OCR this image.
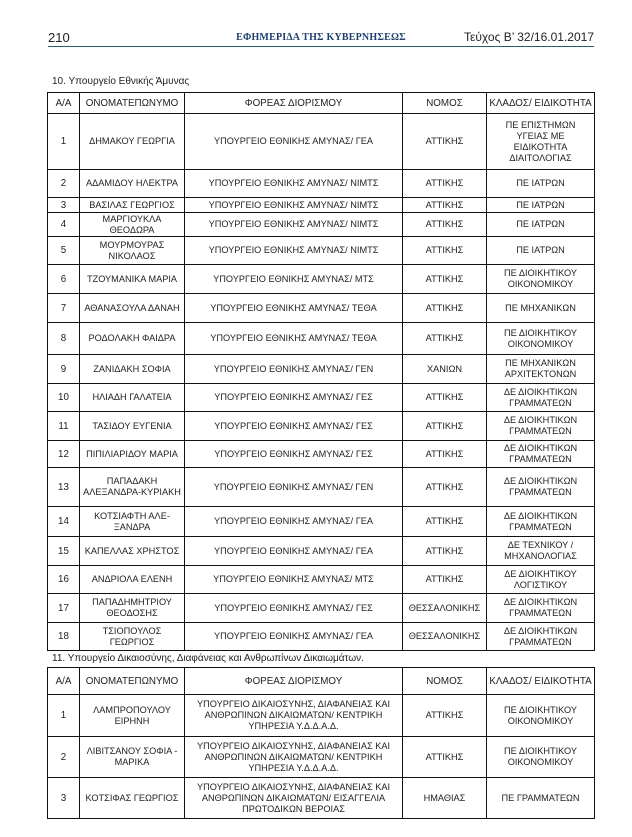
210	ΕΦΗΜΕΡΙΔΑ ΤΗΣ ΚΥΒΕΡΝΗΣΕΩΣ	Τεύχος Β’ 32/16.01.2017
10. Υπουργείο Εθνικής Άμυνας
Α/Α	ΟΝΟΜΑΤΕΠΩΝΥΜΟ	ΦΟΡΕΑΣ ΔΙΟΡΙΣΜΟΥ	ΝΟΜΟΣ	ΚΛΑΔΟΣ/ ΕΙΔΙΚΟΤΗΤΑ
1	ΔΗΜΑΚΟΥ ΓΕΩΡΓΙΑ	ΥΠΟΥΡΓΕΙΟ ΕΘΝΙΚΗΣ ΑΜΥΝΑΣ/ ΓΕΑ	ΑΤΤΙΚΗΣ	ΠΕ ΕΠΙΣΤΗΜΩΝ ΥΓΕΙΑΣ ΜΕ ΕΙΔΙΚΟΤΗΤΑ ΔΙΑΙΤΟΛΟΓΙΑΣ
2	ΑΔΑΜΙΔΟΥ ΗΛΕΚΤΡΑ	ΥΠΟΥΡΓΕΙΟ ΕΘΝΙΚΗΣ ΑΜΥΝΑΣ/ ΝΙΜΤΣ	ΑΤΤΙΚΗΣ	ΠΕ ΙΑΤΡΩΝ
3	ΒΑΣΙΛΑΣ ΓΕΩΡΓΙΟΣ	ΥΠΟΥΡΓΕΙΟ ΕΘΝΙΚΗΣ ΑΜΥΝΑΣ/ ΝΙΜΤΣ	ΑΤΤΙΚΗΣ	ΠΕ ΙΑΤΡΩΝ
4	ΜΑΡΓΙΟΥΚΛΑ ΘΕΟΔΩΡΑ	ΥΠΟΥΡΓΕΙΟ ΕΘΝΙΚΗΣ ΑΜΥΝΑΣ/ ΝΙΜΤΣ	ΑΤΤΙΚΗΣ	ΠΕ ΙΑΤΡΩΝ
5	ΜΟΥΡΜΟΥΡΑΣ ΝΙΚΟΛΑΟΣ	ΥΠΟΥΡΓΕΙΟ ΕΘΝΙΚΗΣ ΑΜΥΝΑΣ/ ΝΙΜΤΣ	ΑΤΤΙΚΗΣ	ΠΕ ΙΑΤΡΩΝ
6	ΤΖΟΥΜΑΝΙΚΑ ΜΑΡΙΑ	ΥΠΟΥΡΓΕΙΟ ΕΘΝΙΚΗΣ ΑΜΥΝΑΣ/ ΜΤΣ	ΑΤΤΙΚΗΣ	ΠΕ ΔΙΟΙΚΗΤΙΚΟΥ ΟΙΚΟΝΟΜΙΚΟΥ
7	ΑΘΑΝΑΣΟΥΛΑ ΔΑΝΑΗ	ΥΠΟΥΡΓΕΙΟ ΕΘΝΙΚΗΣ ΑΜΥΝΑΣ/ ΤΕΘΑ	ΑΤΤΙΚΗΣ	ΠΕ ΜΗΧΑΝΙΚΩΝ
8	ΡΟΔΟΛΑΚΗ ΦΑΙΔΡΑ	ΥΠΟΥΡΓΕΙΟ ΕΘΝΙΚΗΣ ΑΜΥΝΑΣ/ ΤΕΘΑ	ΑΤΤΙΚΗΣ	ΠΕ ΔΙΟΙΚΗΤΙΚΟΥ ΟΙΚΟΝΟΜΙΚΟΥ
9	ΖΑΝΙΔΑΚΗ ΣΟΦΙΑ	ΥΠΟΥΡΓΕΙΟ ΕΘΝΙΚΗΣ ΑΜΥΝΑΣ/ ΓΕΝ	ΧΑΝΙΩΝ	ΠΕ ΜΗΧΑΝΙΚΩΝ ΑΡΧΙΤΕΚΤΟΝΩΝ
10	ΗΛΙΑΔΗ ΓΑΛΑΤΕΙΑ	ΥΠΟΥΡΓΕΙΟ ΕΘΝΙΚΗΣ ΑΜΥΝΑΣ/ ΓΕΣ	ΑΤΤΙΚΗΣ	ΔΕ ΔΙΟΙΚΗΤΙΚΩΝ ΓΡΑΜΜΑΤΕΩΝ
11	ΤΑΣΙΔΟΥ ΕΥΓΕΝΙΑ	ΥΠΟΥΡΓΕΙΟ ΕΘΝΙΚΗΣ ΑΜΥΝΑΣ/ ΓΕΣ	ΑΤΤΙΚΗΣ	ΔΕ ΔΙΟΙΚΗΤΙΚΩΝ ΓΡΑΜΜΑΤΕΩΝ
12	ΠΙΠΙΛΙΑΡΙΔΟΥ ΜΑΡΙΑ	ΥΠΟΥΡΓΕΙΟ ΕΘΝΙΚΗΣ ΑΜΥΝΑΣ/ ΓΕΣ	ΑΤΤΙΚΗΣ	ΔΕ ΔΙΟΙΚΗΤΙΚΩΝ ΓΡΑΜΜΑΤΕΩΝ
13	ΠΑΠΑΔΑΚΗ ΑΛΕΞΑΝΔΡΑ-ΚΥΡΙΑΚΗ	ΥΠΟΥΡΓΕΙΟ ΕΘΝΙΚΗΣ ΑΜΥΝΑΣ/ ΓΕΝ	ΑΤΤΙΚΗΣ	ΔΕ ΔΙΟΙΚΗΤΙΚΩΝ ΓΡΑΜΜΑΤΕΩΝ
14	ΚΟΤΣΙΑΦΤΗ ΑΛΕ-ΞΑΝΔΡΑ	ΥΠΟΥΡΓΕΙΟ ΕΘΝΙΚΗΣ ΑΜΥΝΑΣ/ ΓΕΑ	ΑΤΤΙΚΗΣ	ΔΕ ΔΙΟΙΚΗΤΙΚΩΝ ΓΡΑΜΜΑΤΕΩΝ
15	ΚΑΠΕΛΛΑΣ ΧΡΗΣΤΟΣ	ΥΠΟΥΡΓΕΙΟ ΕΘΝΙΚΗΣ ΑΜΥΝΑΣ/ ΓΕΑ	ΑΤΤΙΚΗΣ	ΔΕ ΤΕΧΝΙΚΟΥ / ΜΗΧΑΝΟΛΟΓΙΑΣ
16	ΑΝΔΡΙΟΛΑ ΕΛΕΝΗ	ΥΠΟΥΡΓΕΙΟ ΕΘΝΙΚΗΣ ΑΜΥΝΑΣ/ ΜΤΣ	ΑΤΤΙΚΗΣ	ΔΕ ΔΙΟΙΚΗΤΙΚΟΥ ΛΟΓΙΣΤΙΚΟΥ
17	ΠΑΠΑΔΗΜΗΤΡΙΟΥ ΘΕΟΔΟΣΗΣ	ΥΠΟΥΡΓΕΙΟ ΕΘΝΙΚΗΣ ΑΜΥΝΑΣ/ ΓΕΣ	ΘΕΣΣΑΛΟΝΙΚΗΣ	ΔΕ ΔΙΟΙΚΗΤΙΚΩΝ ΓΡΑΜΜΑΤΕΩΝ
18	ΤΣΙΟΠΟΥΛΟΣ ΓΕΩΡΓΙΟΣ	ΥΠΟΥΡΓΕΙΟ ΕΘΝΙΚΗΣ ΑΜΥΝΑΣ/ ΓΕΑ	ΘΕΣΣΑΛΟΝΙΚΗΣ	ΔΕ ΔΙΟΙΚΗΤΙΚΩΝ ΓΡΑΜΜΑΤΕΩΝ
11. Υπουργείο Δικαιοσύνης, Διαφάνειας και Ανθρωπίνων Δικαιωμάτων.
Α/Α	ΟΝΟΜΑΤΕΠΩΝΥΜΟ	ΦΟΡΕΑΣ ΔΙΟΡΙΣΜΟΥ	ΝΟΜΟΣ	ΚΛΑΔΟΣ/ ΕΙΔΙΚΟΤΗΤΑ
1	ΛΑΜΠΡΟΠΟΥΛΟΥ ΕΙΡΗΝΗ	ΥΠΟΥΡΓΕΙΟ ΔΙΚΑΙΟΣΥΝΗΣ, ΔΙΑΦΑΝΕΙΑΣ ΚΑΙ ΑΝΘΡΩΠΙΝΩΝ ΔΙΚΑΙΩΜΑΤΩΝ/ ΚΕΝΤΡΙΚΗ ΥΠΗΡΕΣΙΑ Υ.Δ.Δ.Α.Δ.	ΑΤΤΙΚΗΣ	ΠΕ ΔΙΟΙΚΗΤΙΚΟΥ ΟΙΚΟΝΟΜΙΚΟΥ
2	ΛΙΒΙΤΣΑΝΟΥ ΣΟΦΙΑ - ΜΑΡΙΚΑ	ΥΠΟΥΡΓΕΙΟ ΔΙΚΑΙΟΣΥΝΗΣ, ΔΙΑΦΑΝΕΙΑΣ ΚΑΙ ΑΝΘΡΩΠΙΝΩΝ ΔΙΚΑΙΩΜΑΤΩΝ/ ΚΕΝΤΡΙΚΗ ΥΠΗΡΕΣΙΑ Υ.Δ.Δ.Α.Δ.	ΑΤΤΙΚΗΣ	ΠΕ ΔΙΟΙΚΗΤΙΚΟΥ ΟΙΚΟΝΟΜΙΚΟΥ
3	ΚΟΤΣΙΦΑΣ ΓΕΩΡΓΙΟΣ	ΥΠΟΥΡΓΕΙΟ ΔΙΚΑΙΟΣΥΝΗΣ, ΔΙΑΦΑΝΕΙΑΣ ΚΑΙ ΑΝΘΡΩΠΙΝΩΝ ΔΙΚΑΙΩΜΑΤΩΝ/ ΕΙΣΑΓΓΕΛΙΑ ΠΡΩΤΟΔΙΚΩΝ ΒΕΡΟΙΑΣ	ΗΜΑΘΙΑΣ	ΠΕ ΓΡΑΜΜΑΤΕΩΝ
